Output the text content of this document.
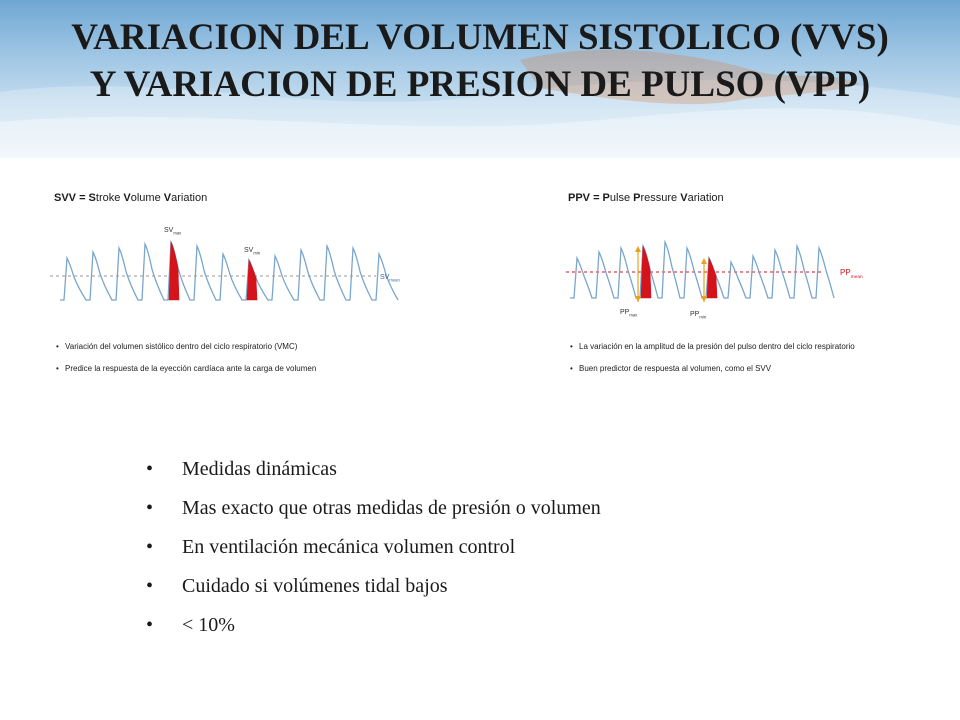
VARIACION DEL VOLUMEN SISTOLICO (VVS) Y VARIACION DE PRESION DE PULSO (VPP)
SVV = Stroke Volume Variation
$SV_{max}$
$SV_{min}$
$SV_{mean}$
• Variación del volumen sistólico dentro del ciclo respiratorio (VMC)
• Predice la respuesta de la eyección cardíaca ante la carga de volumen
PPV = Pulse Pressure Variation
$PP_{max}$	$PP_{min}$
$PP_{mean}$
• La variación en la amplitud de la presión del pulso dentro del ciclo respiratorio
• Buen predictor de respuesta al volumen, como el SVV
• Medidas dinámicas
• Mas exacto que otras medidas de presión o volumen
• En ventilación mecánica volumen control
• Cuidado si volúmenes tidal bajos
• < 10%
